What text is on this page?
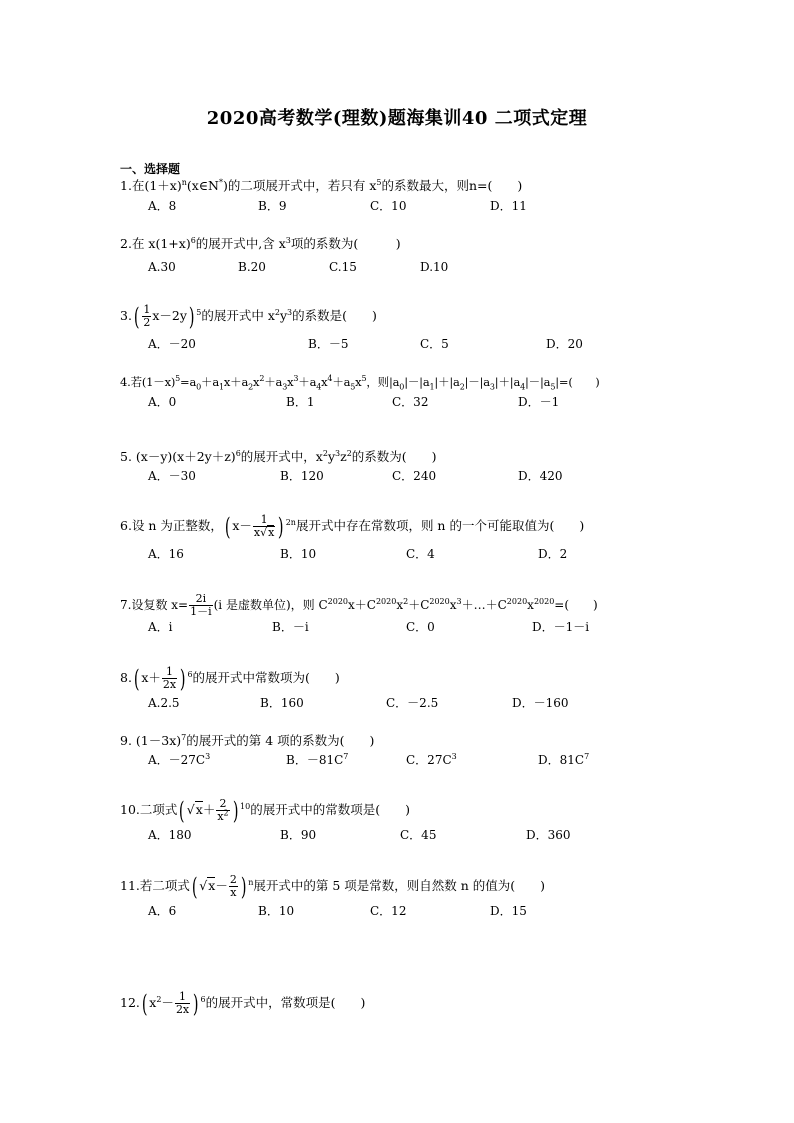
2020高考数学(理数)题海集训40 二项式定理
一、选择题
1.在$(1+x)^n(x\in N^*)$的二项展开式中，若只有 $x^5$的系数最大，则n=(　　)
A．8	B．9	C．10	D．11
2.在 $x(1+x)^6$的展开式中,含 $x^3$项的系数为(　　　)
A.30	B.20	C.15	D.10
$3.( \frac{1}{2} x-2y)$ $^5$的展开式中 $x^2y^3$的系数是(　　)
A．－20	B．－5	C．5	D．20
4.若$(1-x)^5=a_0+a_1x+a_2x^2+a_3x^3+a_4x^4+a_5x^5$，则$|a_0|-|a_1|+|a_2|-|a_3|+|a_4|-|a_5|=$(　　)
A．0	B．1	C．32	D．－1
5. $(x-y)(x+2y+z)^6$的展开式中，$x^2y^3z^2$的系数为(　　)
A．－30	B．120	C．240	D．420
6.设 n 为正整数，( $x- \frac{1}{x√x}$ ) $^{2n}$展开式中存在常数项，则 n 的一个可能取值为(　　)
A．16	B．10	C．4	D．2
7.设复数 $x= \frac{2i}{1-i} (i$ 是虚数单位)，则 $C^{2020}x+C^{2020}x^2+C^{2020}x^3+\dots+C^{2020}x^{2020}=$(　　)
A．i	B．－i	C．0	D．－1－i
8.( $x+ \frac{1}{2x}$ ) $^6$的展开式中常数项为(　　)
A.2.5	B．160	C．－2.5	D．－160
9. $(1-3x)^7$的展开式的第 4 项的系数为(　　)
A．$-27C^3$	B．$-81C^7$	C．$27C^3$	D．$81C^7$
10.二项式( $√x+ \frac{2}{x^2}$ ) $^{10}$的展开式中的常数项是(　　)
A．180	B．90	C．45	D．360
11.若二项式( $√x- \frac{2}{x}$ ) $^n$展开式中的第 5 项是常数，则自然数 n 的值为(　　)
A．6	B．10	C．12	D．15
12.( $x^2- \frac{1}{2x}$ ) $^6$的展开式中，常数项是(　　)
